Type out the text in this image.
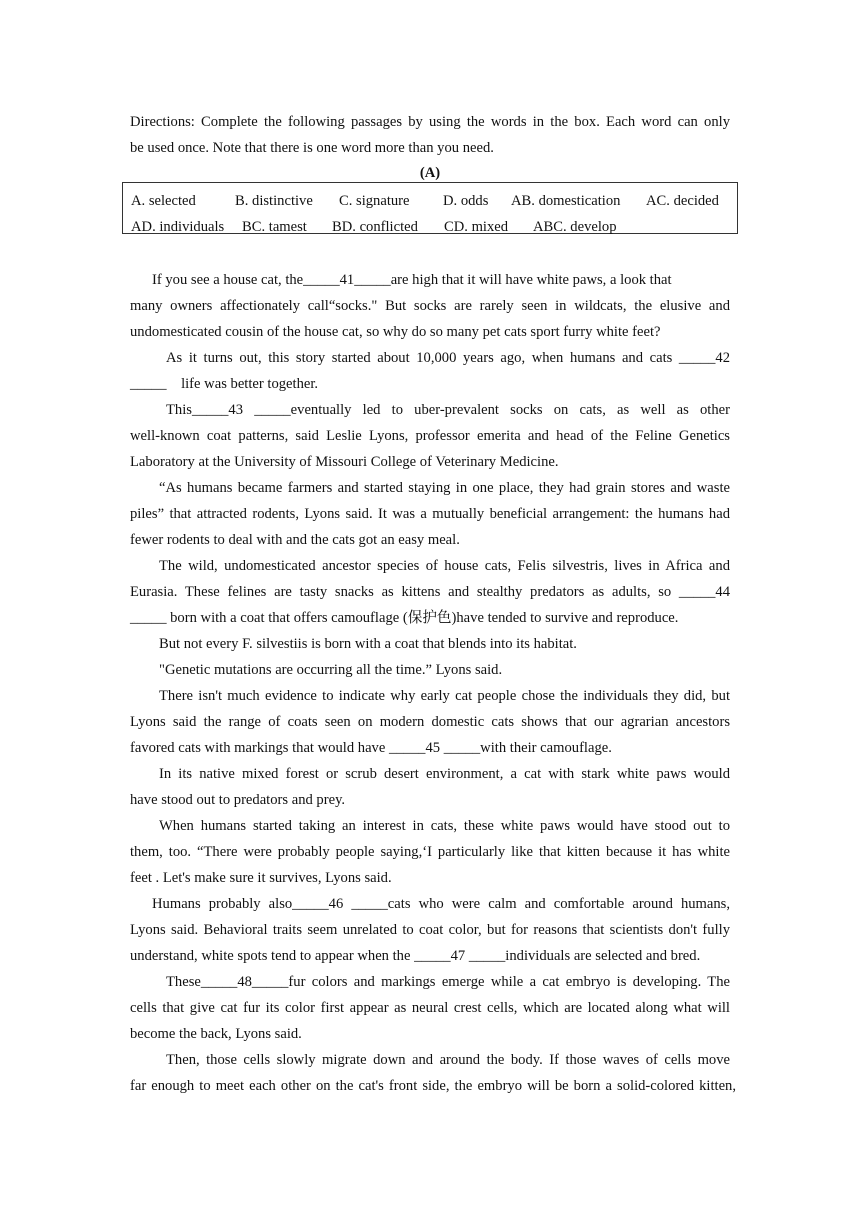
Directions: Complete the following passages by using the words in the box. Each word can only
be used once. Note that there is one word more than you need.
(A)
A. selected	B. distinctive C. signature D. odds AB. domestication AC. decided
AD. individuals BC. tamest BD. conflicted CD. mixed ABC. develop
If you see a house cat, the_____41_____are high that it will have white paws, a look that
many owners affectionately call“socks." But socks are rarely seen in wildcats, the elusive and
undomesticated cousin of the house cat, so why do so many pet cats sport furry white feet?
As it turns out, this story started about 10,000 years ago, when humans and cats _____42
_____    life was better together.
This_____43 _____eventually led to uber-prevalent socks on cats, as well as other
well-known coat patterns, said Leslie Lyons, professor emerita and head of the Feline Genetics
Laboratory at the University of Missouri College of Veterinary Medicine.
“As humans became farmers and started staying in one place, they had grain stores and waste
piles” that attracted rodents, Lyons said. It was a mutually beneficial arrangement: the humans had
fewer rodents to deal with and the cats got an easy meal.
The wild, undomesticated ancestor species of house cats, Felis silvestris, lives in Africa and
Eurasia. These felines are tasty snacks as kittens and stealthy predators as adults, so _____44
_____ born with a coat that offers camouflage (保护色)have tended to survive and reproduce.
But not every F. silvestiis is born with a coat that blends into its habitat.
"Genetic mutations are occurring all the time.” Lyons said.
There isn't much evidence to indicate why early cat people chose the individuals they did, but
Lyons said the range of coats seen on modern domestic cats shows that our agrarian ancestors
favored cats with markings that would have _____45 _____with their camouflage.
In its native mixed forest or scrub desert environment, a cat with stark white paws would
have stood out to predators and prey.
When humans started taking an interest in cats, these white paws would have stood out to
them, too. “There were probably people saying,‘I particularly like that kitten because it has white
feet . Let's make sure it survives, Lyons said.
Humans probably also_____46 _____cats who were calm and comfortable around humans,
Lyons said. Behavioral traits seem unrelated to coat color, but for reasons that scientists don't fully
understand, white spots tend to appear when the _____47 _____individuals are selected and bred.
These_____48_____fur colors and markings emerge while a cat embryo is developing. The
cells that give cat fur its color first appear as neural crest cells, which are located along what will
become the back, Lyons said.
Then, those cells slowly migrate down and around the body. If those waves of cells move
far enough to meet each other on the cat's front side, the embryo will be born a solid-colored kitten,
